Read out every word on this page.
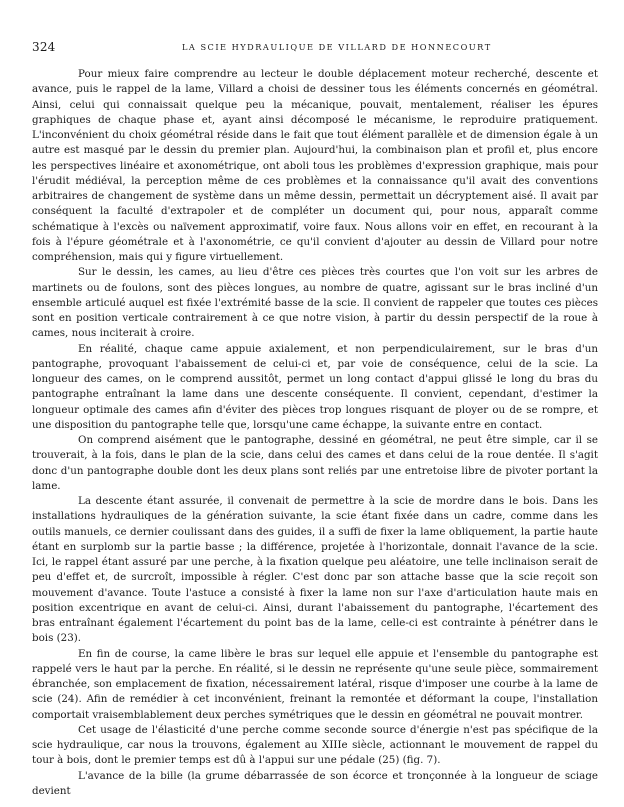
324	LA SCIE HYDRAULIQUE DE VILLARD DE HONNECOURT

Pour mieux faire comprendre au lecteur le double déplacement moteur recherché, descente et avance, puis le rappel de la lame, Villard a choisi de dessiner tous les éléments concernés en géométral. Ainsi, celui qui connaissait quelque peu la mécanique, pouvait, mentalement, réaliser les épures graphiques de chaque phase et, ayant ainsi décomposé le mécanisme, le reproduire pratiquement. L'inconvénient du choix géométral réside dans le fait que tout élément parallèle et de dimension égale à un autre est masqué par le dessin du premier plan. Aujourd'hui, la combinaison plan et profil et, plus encore les perspectives linéaire et axonométrique, ont aboli tous les problèmes d'expression graphique, mais pour l'érudit médiéval, la perception même de ces problèmes et la connaissance qu'il avait des conventions arbitraires de changement de système dans un même dessin, permettait un décryptement aisé. Il avait par conséquent la faculté d'extrapoler et de compléter un document qui, pour nous, apparaît comme schématique à l'excès ou naïvement approximatif, voire faux. Nous allons voir en effet, en recourant à la fois à l'épure géométrale et à l'axonométrie, ce qu'il convient d'ajouter au dessin de Villard pour notre compréhension, mais qui y figure virtuellement.

Sur le dessin, les cames, au lieu d'être ces pièces très courtes que l'on voit sur les arbres de martinets ou de foulons, sont des pièces longues, au nombre de quatre, agissant sur le bras incliné d'un ensemble articulé auquel est fixée l'extrémité basse de la scie. Il convient de rappeler que toutes ces pièces sont en position verticale contrairement à ce que notre vision, à partir du dessin perspectif de la roue à cames, nous inciterait à croire.

En réalité, chaque came appuie axialement, et non perpendiculairement, sur le bras d'un pantographe, provoquant l'abaissement de celui-ci et, par voie de conséquence, celui de la scie. La longueur des cames, on le comprend aussitôt, permet un long contact d'appui glissé le long du bras du pantographe entraînant la lame dans une descente conséquente. Il convient, cependant, d'estimer la longueur optimale des cames afin d'éviter des pièces trop longues risquant de ployer ou de se rompre, et une disposition du pantographe telle que, lorsqu'une came échappe, la suivante entre en contact.

On comprend aisément que le pantographe, dessiné en géométral, ne peut être simple, car il se trouverait, à la fois, dans le plan de la scie, dans celui des cames et dans celui de la roue dentée. Il s'agit donc d'un pantographe double dont les deux plans sont reliés par une entretoise libre de pivoter portant la lame.

La descente étant assurée, il convenait de permettre à la scie de mordre dans le bois. Dans les installations hydrauliques de la génération suivante, la scie étant fixée dans un cadre, comme dans les outils manuels, ce dernier coulissant dans des guides, il a suffi de fixer la lame obliquement, la partie haute étant en surplomb sur la partie basse ; la différence, projetée à l'horizontale, donnait l'avance de la scie. Ici, le rappel étant assuré par une perche, à la fixation quelque peu aléatoire, une telle inclinaison serait de peu d'effet et, de surcroît, impossible à régler. C'est donc par son attache basse que la scie reçoit son mouvement d'avance. Toute l'astuce a consisté à fixer la lame non sur l'axe d'articulation haute mais en position excentrique en avant de celui-ci. Ainsi, durant l'abaissement du pantographe, l'écartement des bras entraînant également l'écartement du point bas de la lame, celle-ci est contrainte à pénétrer dans le bois (23).

En fin de course, la came libère le bras sur lequel elle appuie et l'ensemble du pantographe est rappelé vers le haut par la perche. En réalité, si le dessin ne représente qu'une seule pièce, sommairement ébranchée, son emplacement de fixation, nécessairement latéral, risque d'imposer une courbe à la lame de scie (24). Afin de remédier à cet inconvénient, freinant la remontée et déformant la coupe, l'installation comportait vraisemblablement deux perches symétriques que le dessin en géométral ne pouvait montrer.

Cet usage de l'élasticité d'une perche comme seconde source d'énergie n'est pas spécifique de la scie hydraulique, car nous la trouvons, également au XIIIe siècle, actionnant le mouvement de rappel du tour à bois, dont le premier temps est dû à l'appui sur une pédale (25) (fig. 7).

L'avance de la bille (la grume débarrassée de son écorce et tronçonnée à la longueur de sciage devient
